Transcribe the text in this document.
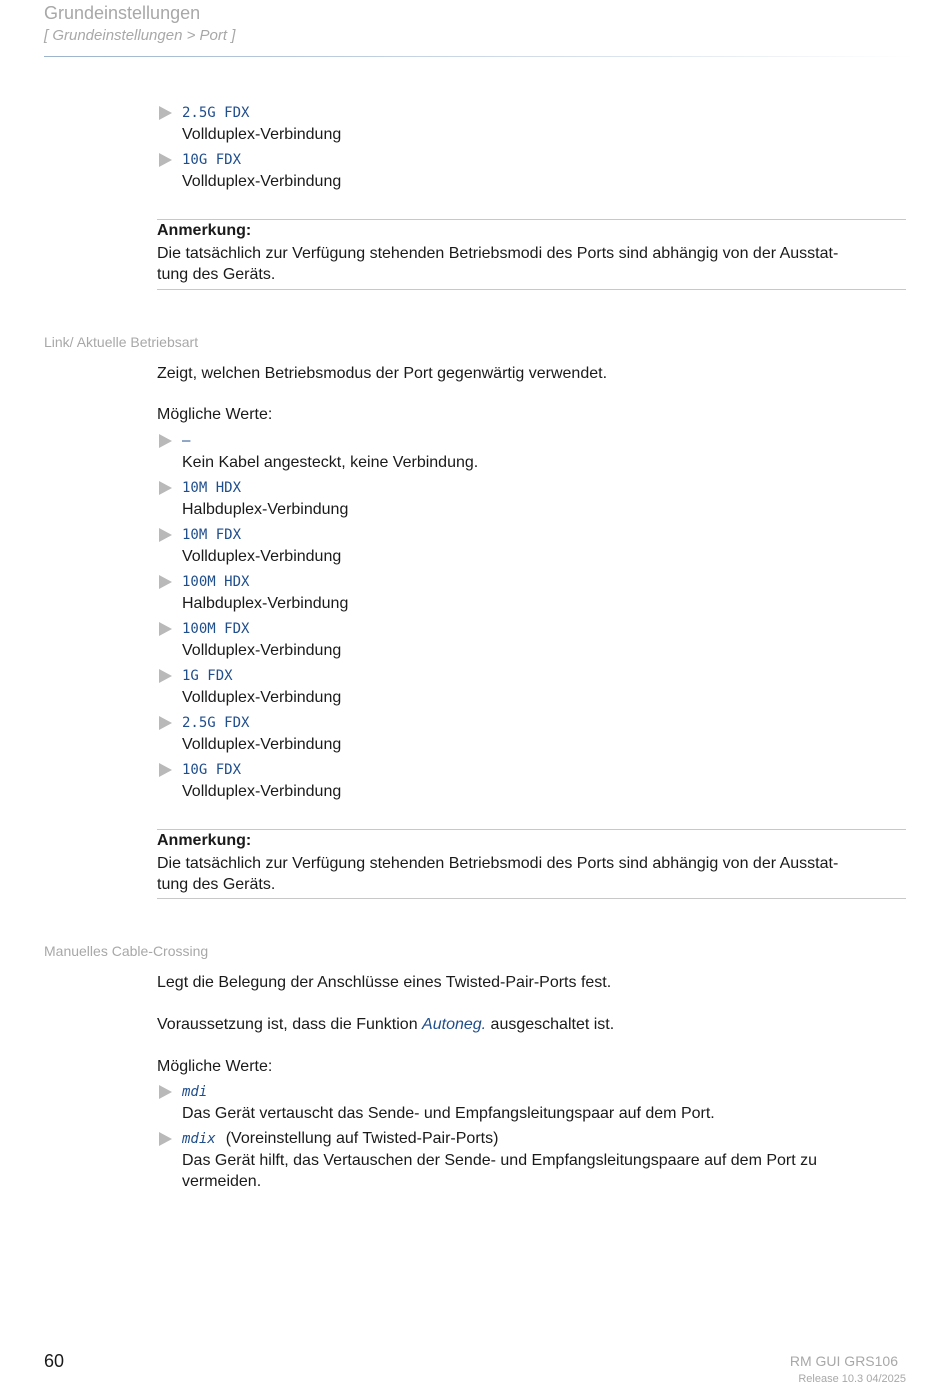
Grundeinstellungen
[ Grundeinstellungen > Port ]
2.5G FDX
Vollduplex-Verbindung
10G FDX
Vollduplex-Verbindung
Anmerkung:
Die tatsächlich zur Verfügung stehenden Betriebsmodi des Ports sind abhängig von der Ausstat-
tung des Geräts.
Link/ Aktuelle Betriebsart
Zeigt, welchen Betriebsmodus der Port gegenwärtig verwendet.
Mögliche Werte:
–
Kein Kabel angesteckt, keine Verbindung.
10M HDX
Halbduplex-Verbindung
10M FDX
Vollduplex-Verbindung
100M HDX
Halbduplex-Verbindung
100M FDX
Vollduplex-Verbindung
1G FDX
Vollduplex-Verbindung
2.5G FDX
Vollduplex-Verbindung
10G FDX
Vollduplex-Verbindung
Anmerkung:
Die tatsächlich zur Verfügung stehenden Betriebsmodi des Ports sind abhängig von der Ausstat-
tung des Geräts.
Manuelles Cable-Crossing
Legt die Belegung der Anschlüsse eines Twisted-Pair-Ports fest.
Voraussetzung ist, dass die Funktion Autoneg. ausgeschaltet ist.
Mögliche Werte:
mdi
Das Gerät vertauscht das Sende- und Empfangsleitungspaar auf dem Port.
mdix (Voreinstellung auf Twisted-Pair-Ports)
Das Gerät hilft, das Vertauschen der Sende- und Empfangsleitungspaare auf dem Port zu vermeiden.
60	RM GUI GRS106
Release 10.3 04/2025
